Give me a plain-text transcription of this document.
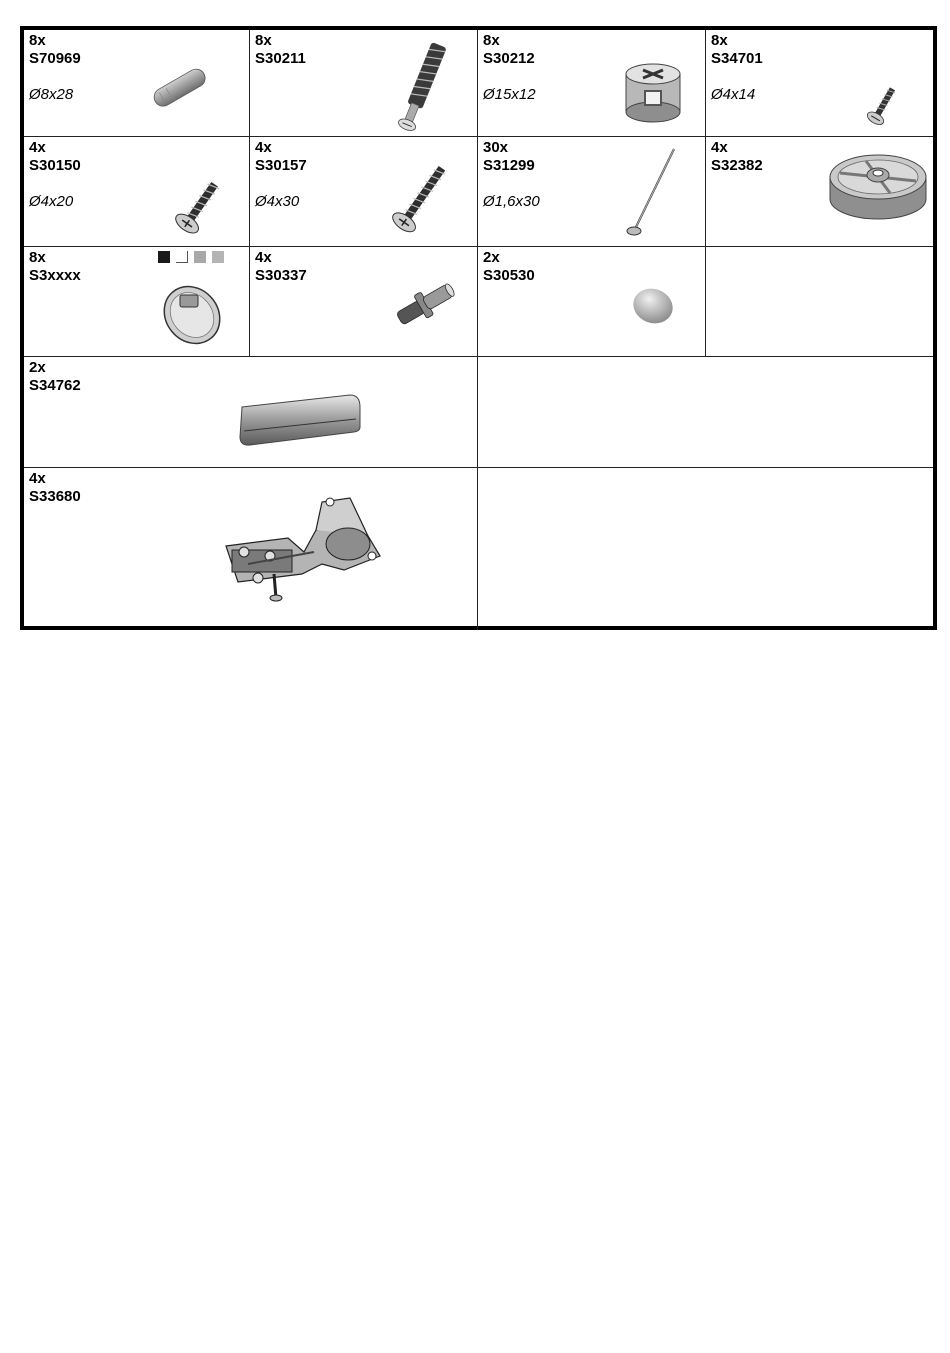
8x
S70969
Ø8x28
8x
S30211
8x
S30212
Ø15x12
8x
S34701
Ø4x14
4x
S30150
Ø4x20
4x
S30157
Ø4x30
30x
S31299
Ø1,6x30
4x
S32382
8x
S3xxxx
4x
S30337
2x
S30530
2x
S34762
4x
S33680
